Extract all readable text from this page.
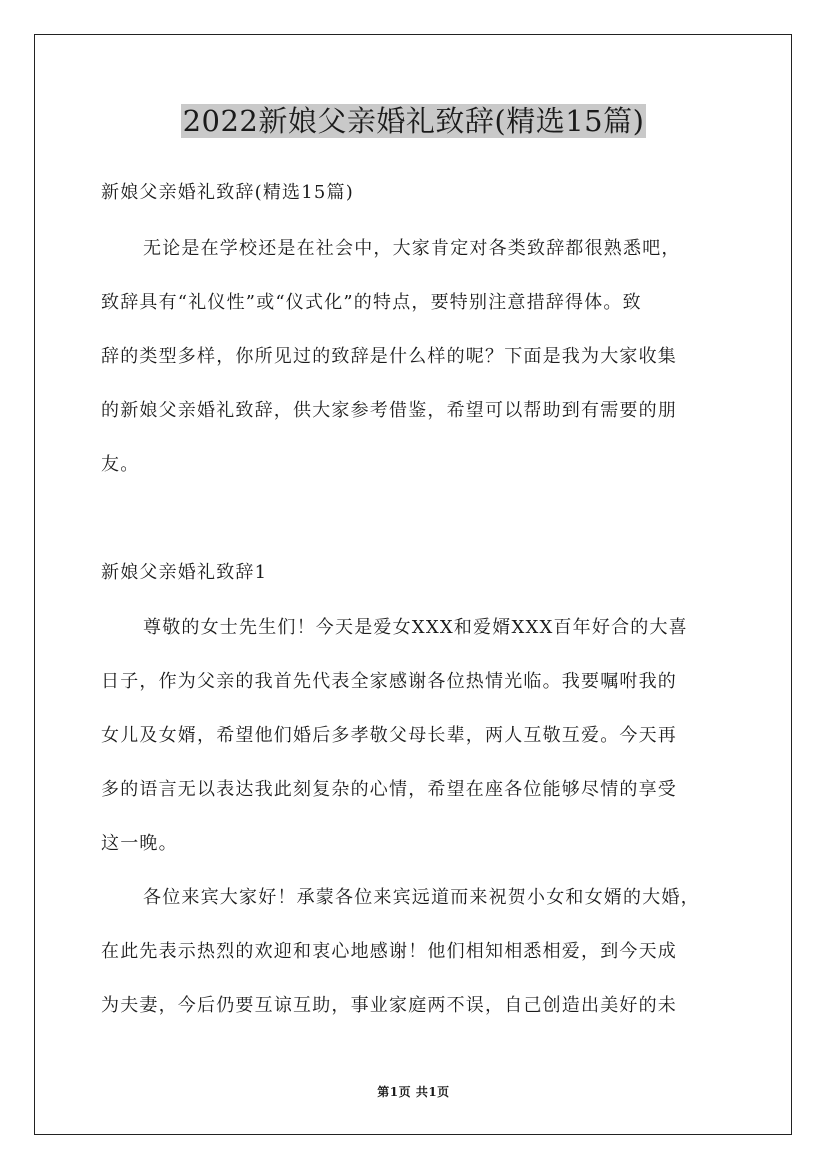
2022新娘父亲婚礼致辞(精选15篇)
新娘父亲婚礼致辞(精选15篇)
无论是在学校还是在社会中，大家肯定对各类致辞都很熟悉吧，
致辞具有“礼仪性”或“仪式化”的特点，要特别注意措辞得体。致
辞的类型多样，你所见过的致辞是什么样的呢？下面是我为大家收集
的新娘父亲婚礼致辞，供大家参考借鉴，希望可以帮助到有需要的朋
友。
新娘父亲婚礼致辞1
尊敬的女士先生们！今天是爱女XXX和爱婿XXX百年好合的大喜
日子，作为父亲的我首先代表全家感谢各位热情光临。我要嘱咐我的
女儿及女婿，希望他们婚后多孝敬父母长辈，两人互敬互爱。今天再
多的语言无以表达我此刻复杂的心情，希望在座各位能够尽情的享受
这一晚。
各位来宾大家好！承蒙各位来宾远道而来祝贺小女和女婿的大婚，
在此先表示热烈的欢迎和衷心地感谢！他们相知相悉相爱，到今天成
为夫妻，今后仍要互谅互助，事业家庭两不误，自己创造出美好的未
第1页 共1页
